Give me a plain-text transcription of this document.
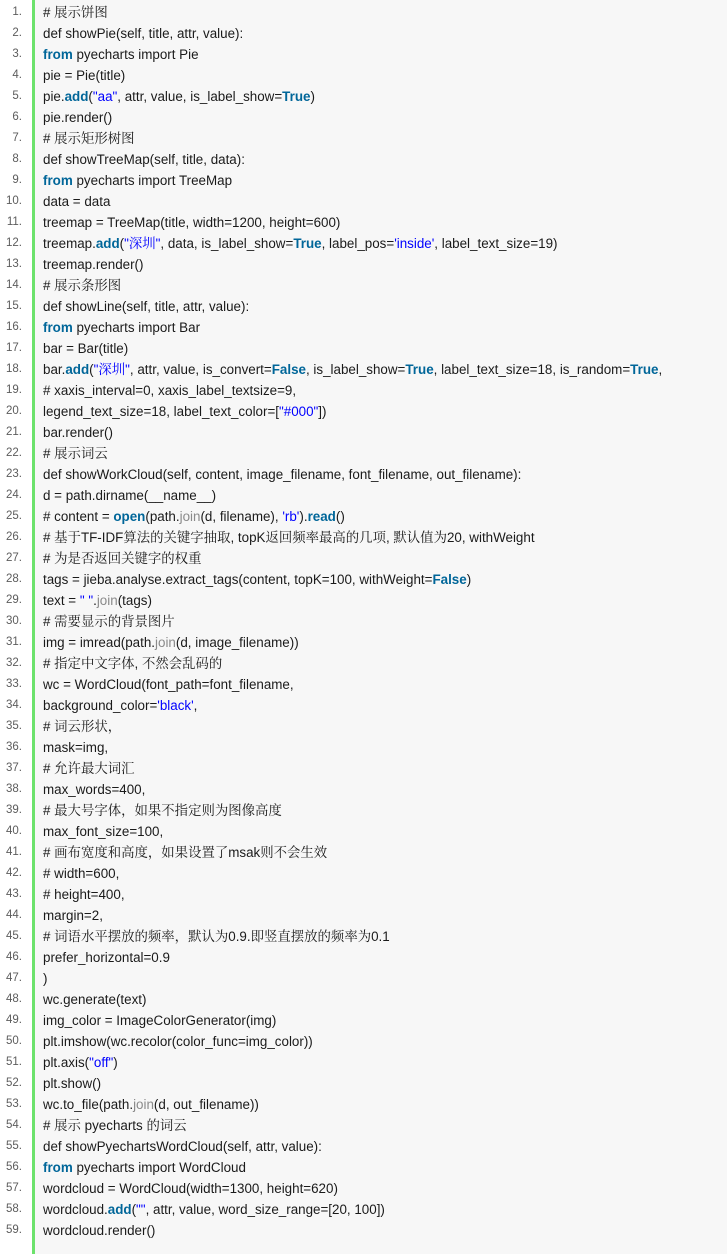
1. # 展示饼图
2. def showPie(self, title, attr, value):
3. from pyecharts import Pie
4. pie = Pie(title)
5. pie.add("aa", attr, value, is_label_show=True)
6. pie.render()
7. # 展示矩形树图
8. def showTreeMap(self, title, data):
9. from pyecharts import TreeMap
10. data = data
11. treemap = TreeMap(title, width=1200, height=600)
12. treemap.add("深圳", data, is_label_show=True, label_pos='inside', label_text_size=19)
13. treemap.render()
14. # 展示条形图
15. def showLine(self, title, attr, value):
16. from pyecharts import Bar
17. bar = Bar(title)
18. bar.add("深圳", attr, value, is_convert=False, is_label_show=True, label_text_size=18, is_random=True,
19. # xaxis_interval=0, xaxis_label_textsize=9,
20. legend_text_size=18, label_text_color=["#000"])
21. bar.render()
22. # 展示词云
23. def showWorkCloud(self, content, image_filename, font_filename, out_filename):
24. d = path.dirname(__name__)
25. # content = open(path.join(d, filename), 'rb').read()
26. # 基于TF-IDF算法的关键字抽取, topK返回频率最高的几项, 默认值为20, withWeight
27. # 为是否返回关键字的权重
28. tags = jieba.analyse.extract_tags(content, topK=100, withWeight=False)
29. text = " ".join(tags)
30. # 需要显示的背景图片
31. img = imread(path.join(d, image_filename))
32. # 指定中文字体, 不然会乱码的
33. wc = WordCloud(font_path=font_filename,
34. background_color='black',
35. # 词云形状，
36. mask=img,
37. # 允许最大词汇
38. max_words=400,
39. # 最大号字体，如果不指定则为图像高度
40. max_font_size=100,
41. # 画布宽度和高度，如果设置了msak则不会生效
42. # width=600,
43. # height=400,
44. margin=2,
45. # 词语水平摆放的频率，默认为0.9.即竖直摆放的频率为0.1
46. prefer_horizontal=0.9
47. )
48. wc.generate(text)
49. img_color = ImageColorGenerator(img)
50. plt.imshow(wc.recolor(color_func=img_color))
51. plt.axis("off")
52. plt.show()
53. wc.to_file(path.join(d, out_filename))
54. # 展示 pyecharts 的词云
55. def showPyechartsWordCloud(self, attr, value):
56. from pyecharts import WordCloud
57. wordcloud = WordCloud(width=1300, height=620)
58. wordcloud.add("", attr, value, word_size_range=[20, 100])
59. wordcloud.render()
